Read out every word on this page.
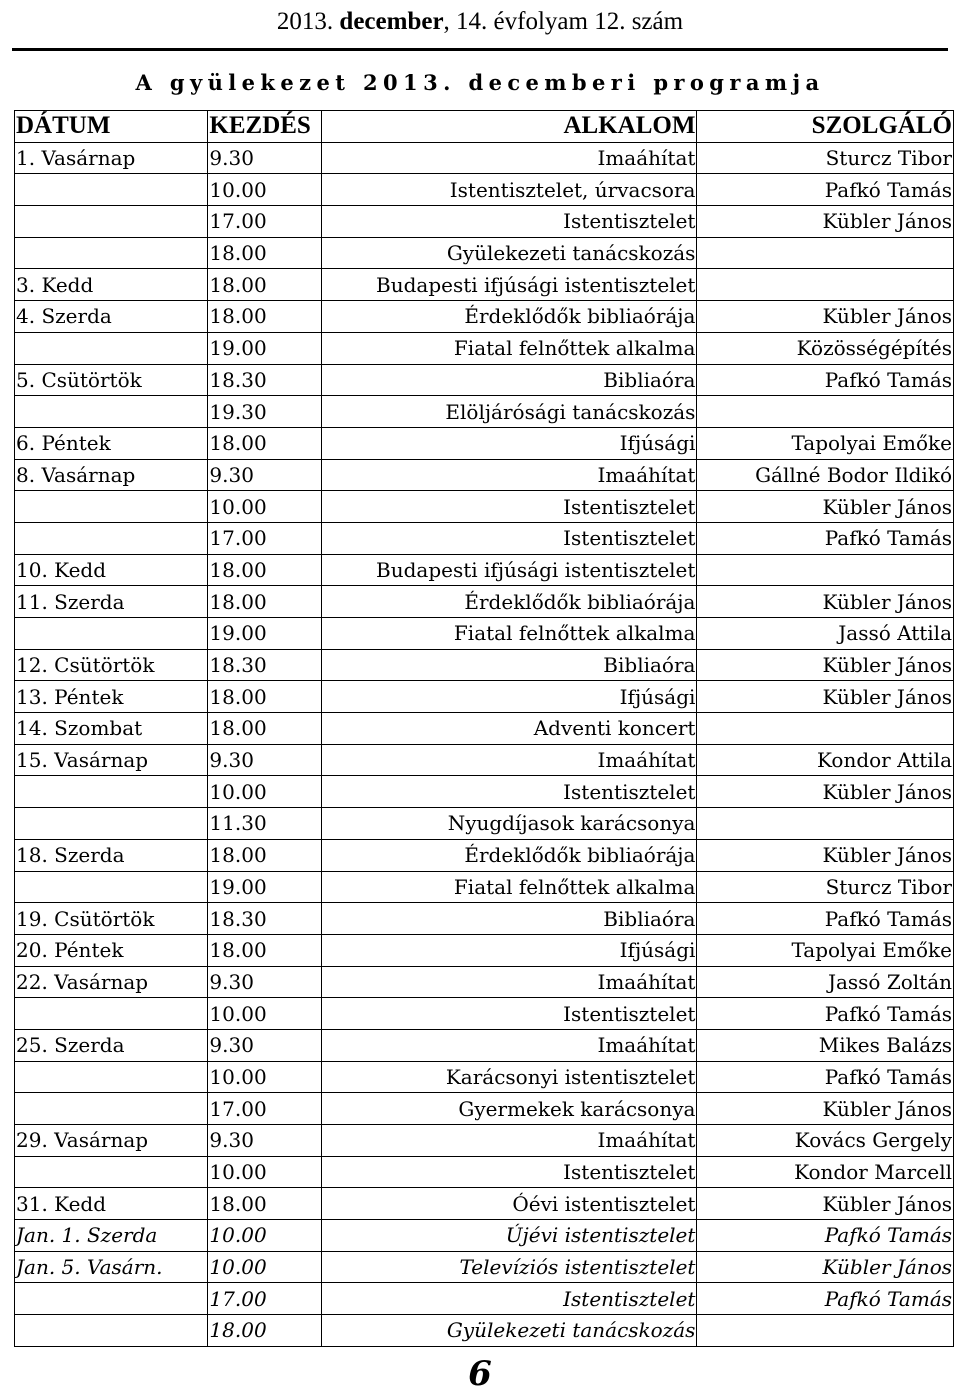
2013. december, 14. évfolyam 12. szám
A gyülekezet 2013. decemberi programja
DÁTUM	KEZDÉS	ALKALOM	SZOLGÁLÓ
1. Vasárnap	9.30	Imaáhítat	Sturcz Tibor
	10.00	Istentisztelet, úrvacsora	Pafkó Tamás
	17.00	Istentisztelet	Kübler János
	18.00	Gyülekezeti tanácskozás	
3. Kedd	18.00	Budapesti ifjúsági istentisztelet	
4. Szerda	18.00	Érdeklődők bibliaórája	Kübler János
	19.00	Fiatal felnőttek alkalma	Közösségépítés
5. Csütörtök	18.30	Bibliaóra	Pafkó Tamás
	19.30	Elöljárósági tanácskozás	
6. Péntek	18.00	Ifjúsági	Tapolyai Emőke
8. Vasárnap	9.30	Imaáhítat	Gállné Bodor Ildikó
	10.00	Istentisztelet	Kübler János
	17.00	Istentisztelet	Pafkó Tamás
10. Kedd	18.00	Budapesti ifjúsági istentisztelet	
11. Szerda	18.00	Érdeklődők bibliaórája	Kübler János
	19.00	Fiatal felnőttek alkalma	Jassó Attila
12. Csütörtök	18.30	Bibliaóra	Kübler János
13. Péntek	18.00	Ifjúsági	Kübler János
14. Szombat	18.00	Adventi koncert	
15. Vasárnap	9.30	Imaáhítat	Kondor Attila
	10.00	Istentisztelet	Kübler János
	11.30	Nyugdíjasok karácsonya	
18. Szerda	18.00	Érdeklődők bibliaórája	Kübler János
	19.00	Fiatal felnőttek alkalma	Sturcz Tibor
19. Csütörtök	18.30	Bibliaóra	Pafkó Tamás
20. Péntek	18.00	Ifjúsági	Tapolyai Emőke
22. Vasárnap	9.30	Imaáhítat	Jassó Zoltán
	10.00	Istentisztelet	Pafkó Tamás
25. Szerda	9.30	Imaáhítat	Mikes Balázs
	10.00	Karácsonyi istentisztelet	Pafkó Tamás
	17.00	Gyermekek karácsonya	Kübler János
29. Vasárnap	9.30	Imaáhítat	Kovács Gergely
	10.00	Istentisztelet	Kondor Marcell
31. Kedd	18.00	Óévi istentisztelet	Kübler János
Jan. 1. Szerda	10.00	Újévi istentisztelet	Pafkó Tamás
Jan. 5. Vasárn.	10.00	Televíziós istentisztelet	Kübler János
	17.00	Istentisztelet	Pafkó Tamás
	18.00	Gyülekezeti tanácskozás	
6
